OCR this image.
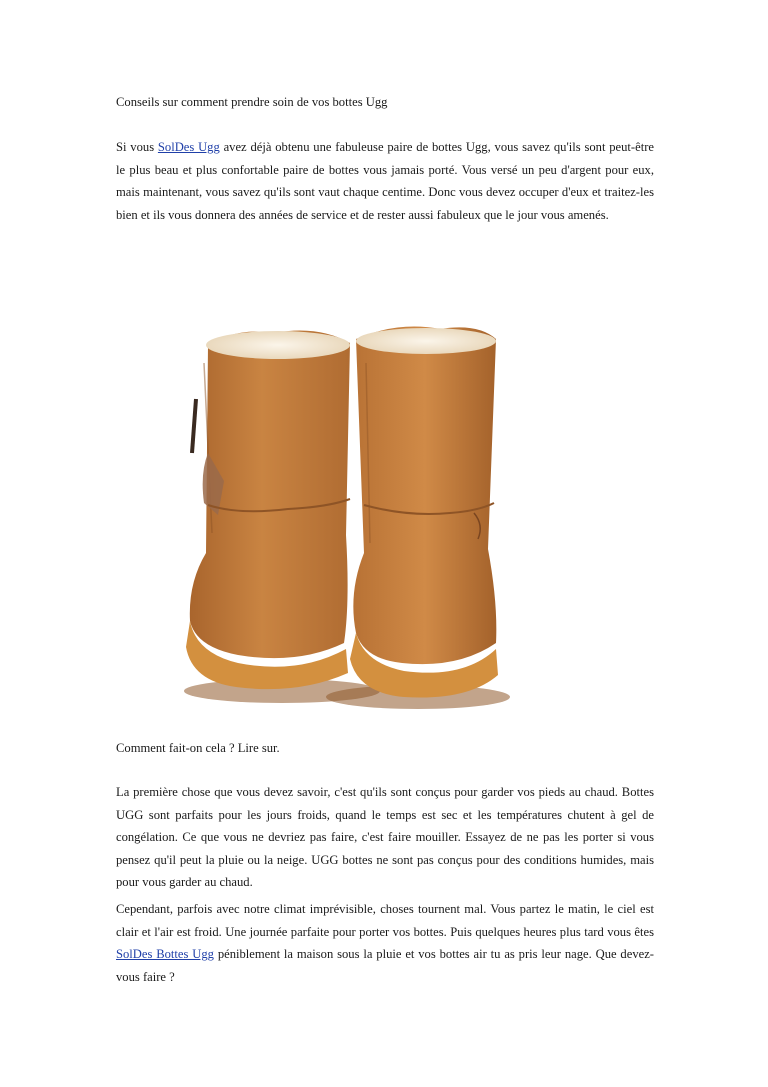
Conseils sur comment prendre soin de vos bottes Ugg

Si vous SolDes Ugg avez déjà obtenu une fabuleuse paire de bottes Ugg, vous savez qu'ils sont peut-être le plus beau et plus confortable paire de bottes vous jamais porté. Vous versé un peu d'argent pour eux, mais maintenant, vous savez qu'ils sont vaut chaque centime. Donc vous devez occuper d'eux et traitez-les bien et ils vous donnera des années de service et de rester aussi fabuleux que le jour vous amenés.

Comment fait-on cela ? Lire sur.

La première chose que vous devez savoir, c'est qu'ils sont conçus pour garder vos pieds au chaud. Bottes UGG sont parfaits pour les jours froids, quand le temps est sec et les températures chutent à gel de congélation. Ce que vous ne devriez pas faire, c'est faire mouiller. Essayez de ne pas les porter si vous pensez qu'il peut la pluie ou la neige. UGG bottes ne sont pas conçus pour des conditions humides, mais pour vous garder au chaud.

Cependant, parfois avec notre climat imprévisible, choses tournent mal. Vous partez le matin, le ciel est clair et l'air est froid. Une journée parfaite pour porter vos bottes. Puis quelques heures plus tard vous êtes SolDes Bottes Ugg péniblement la maison sous la pluie et vos bottes air tu as pris leur nage. Que devez-vous faire ?
